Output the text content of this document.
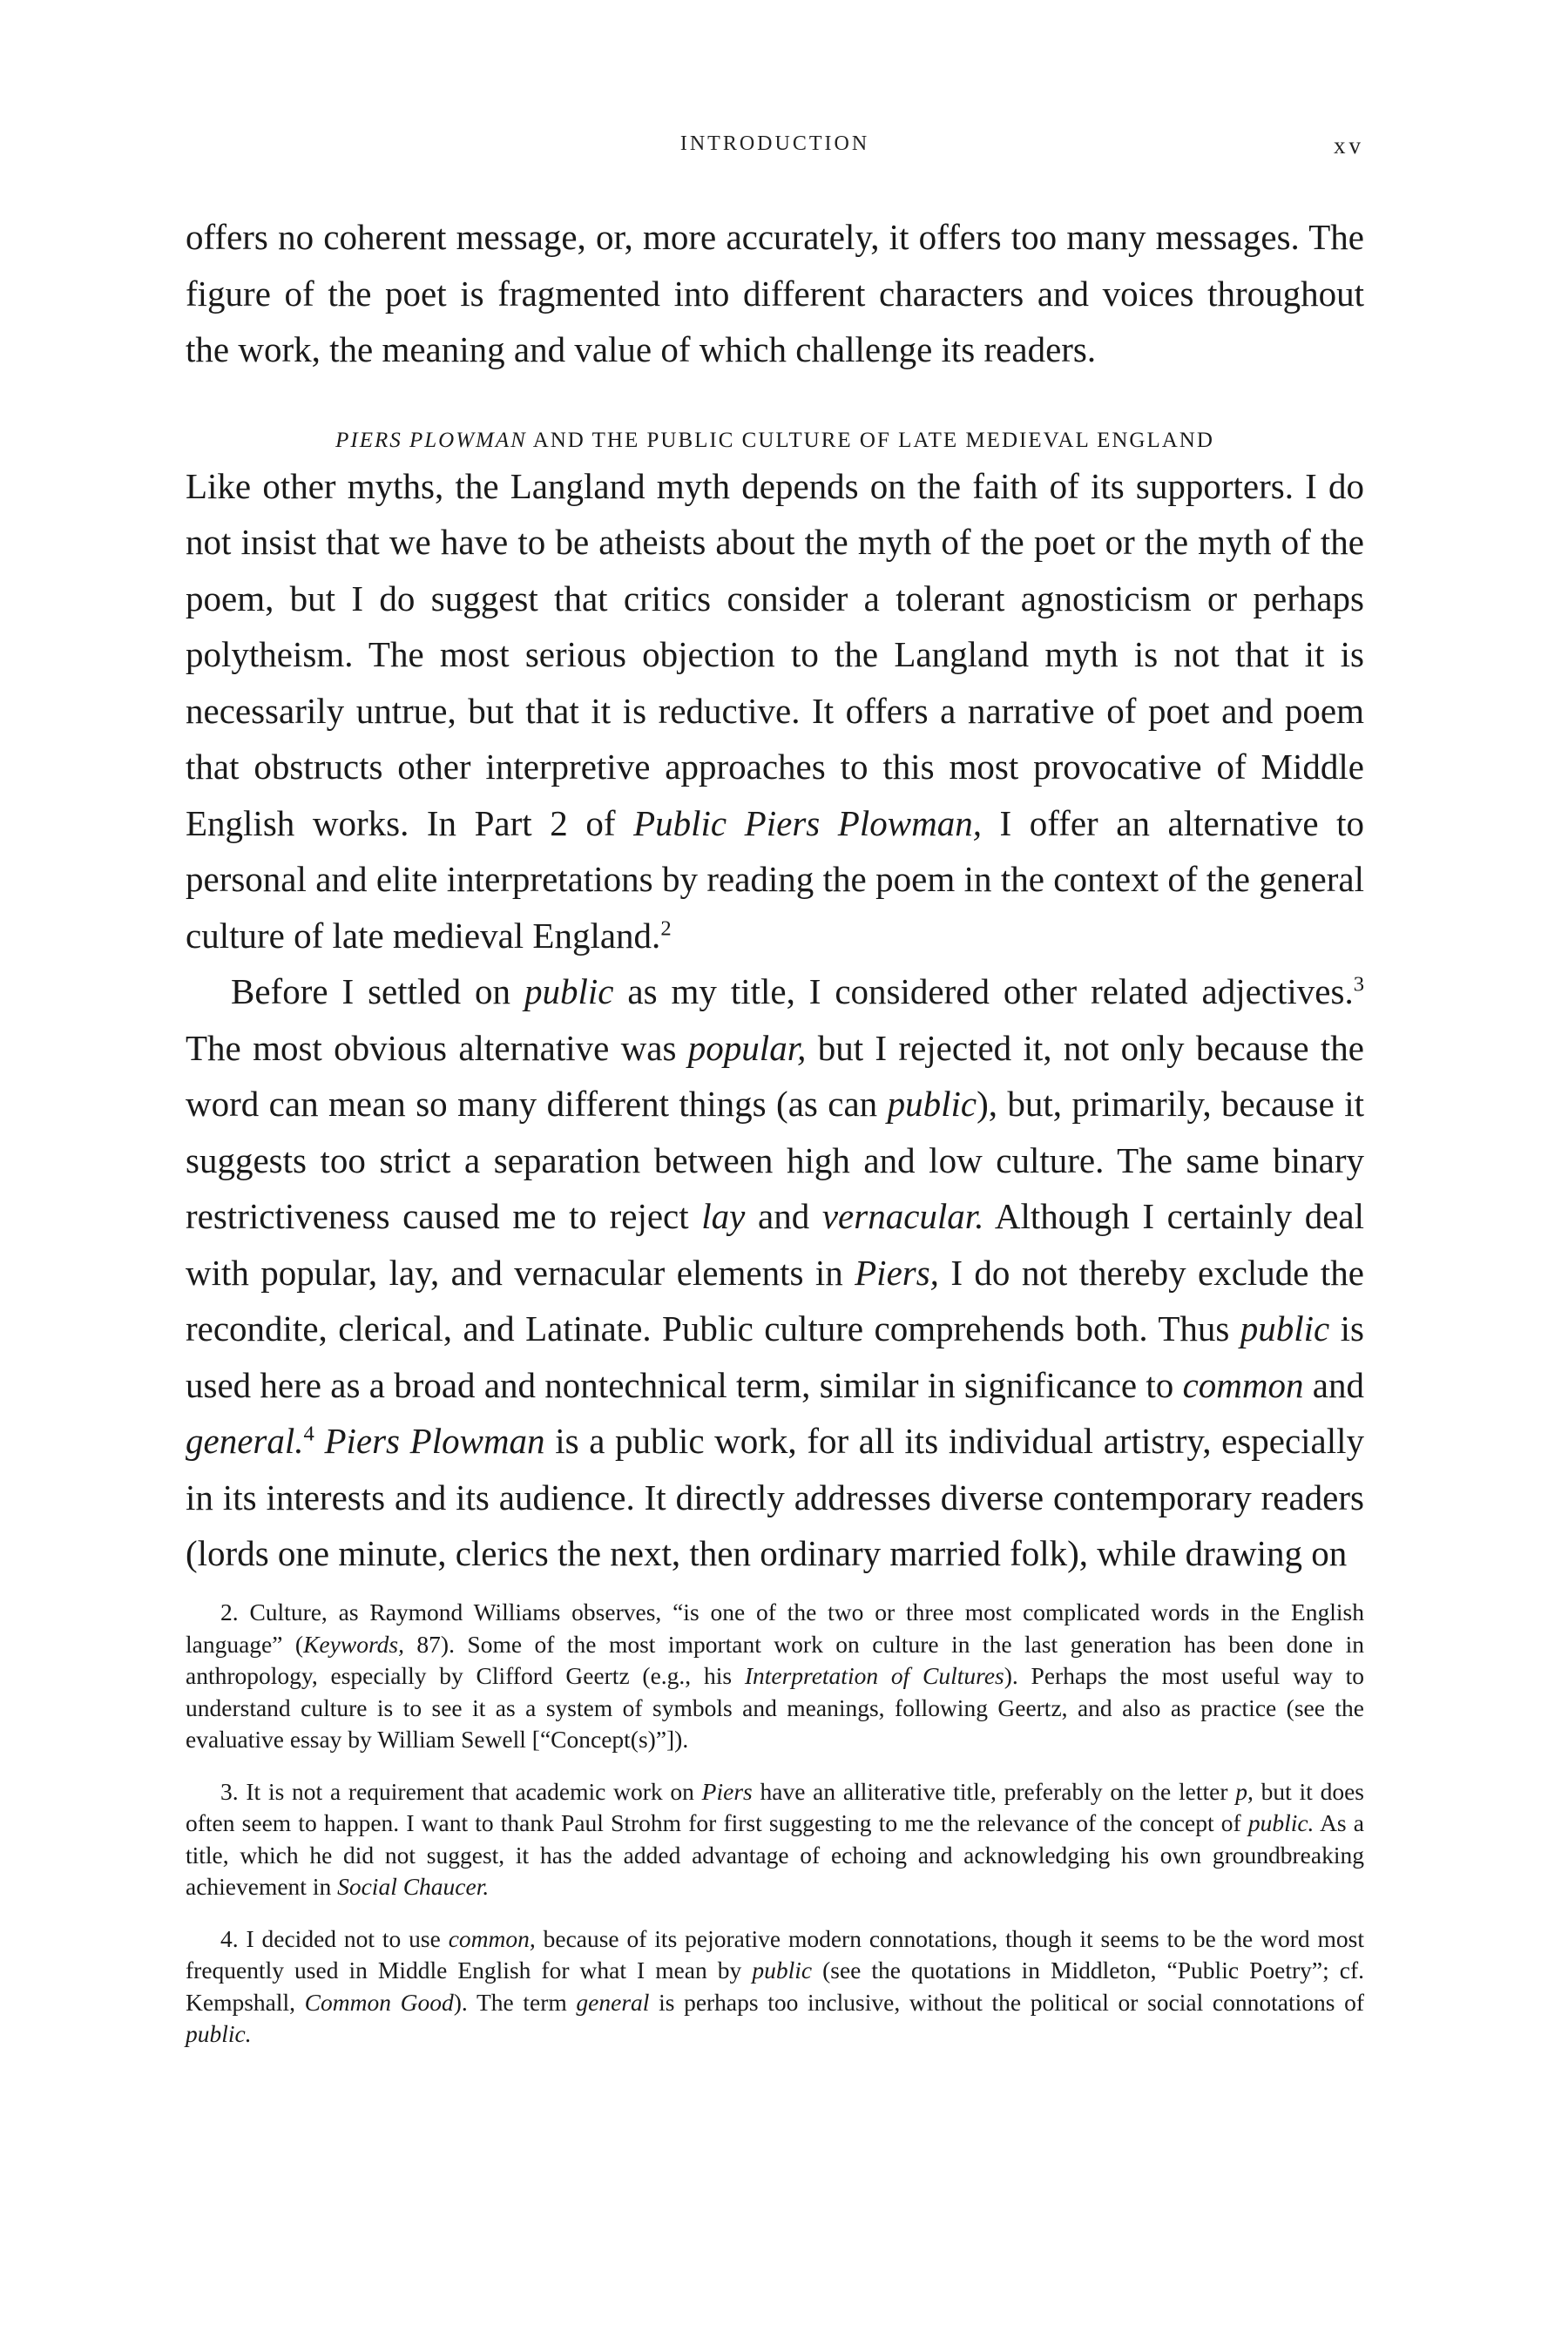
INTRODUCTION	xv

offers no coherent message, or, more accurately, it offers too many messages. The figure of the poet is fragmented into different characters and voices throughout the work, the meaning and value of which challenge its readers.

PIERS PLOWMAN AND THE PUBLIC CULTURE OF LATE MEDIEVAL ENGLAND

Like other myths, the Langland myth depends on the faith of its supporters. I do not insist that we have to be atheists about the myth of the poet or the myth of the poem, but I do suggest that critics consider a tolerant agnosticism or perhaps polytheism. The most serious objection to the Langland myth is not that it is necessarily untrue, but that it is reductive. It offers a narrative of poet and poem that obstructs other interpretive approaches to this most provocative of Middle English works. In Part 2 of Public Piers Plowman, I offer an alternative to personal and elite interpretations by reading the poem in the context of the general culture of late medieval England.$^2$

Before I settled on public as my title, I considered other related adjectives.$^3$ The most obvious alternative was popular, but I rejected it, not only because the word can mean so many different things (as can public), but, primarily, because it suggests too strict a separation between high and low culture. The same binary restrictiveness caused me to reject lay and vernacular. Although I certainly deal with popular, lay, and vernacular elements in Piers, I do not thereby exclude the recondite, clerical, and Latinate. Public culture comprehends both. Thus public is used here as a broad and nontechnical term, similar in significance to common and general.$^4$ Piers Plowman is a public work, for all its individual artistry, especially in its interests and its audience. It directly addresses diverse contemporary readers (lords one minute, clerics the next, then ordinary married folk), while drawing on

2. Culture, as Raymond Williams observes, “is one of the two or three most complicated words in the English language” (Keywords, 87). Some of the most important work on culture in the last generation has been done in anthropology, especially by Clifford Geertz (e.g., his Interpretation of Cultures). Perhaps the most useful way to understand culture is to see it as a system of symbols and meanings, following Geertz, and also as practice (see the evaluative essay by William Sewell [“Concept(s)”]).

3. It is not a requirement that academic work on Piers have an alliterative title, preferably on the letter p, but it does often seem to happen. I want to thank Paul Strohm for first suggesting to me the relevance of the concept of public. As a title, which he did not suggest, it has the added advantage of echoing and acknowledging his own groundbreaking achievement in Social Chaucer.

4. I decided not to use common, because of its pejorative modern connotations, though it seems to be the word most frequently used in Middle English for what I mean by public (see the quotations in Middleton, “Public Poetry”; cf. Kempshall, Common Good). The term general is perhaps too inclusive, without the political or social connotations of public.
